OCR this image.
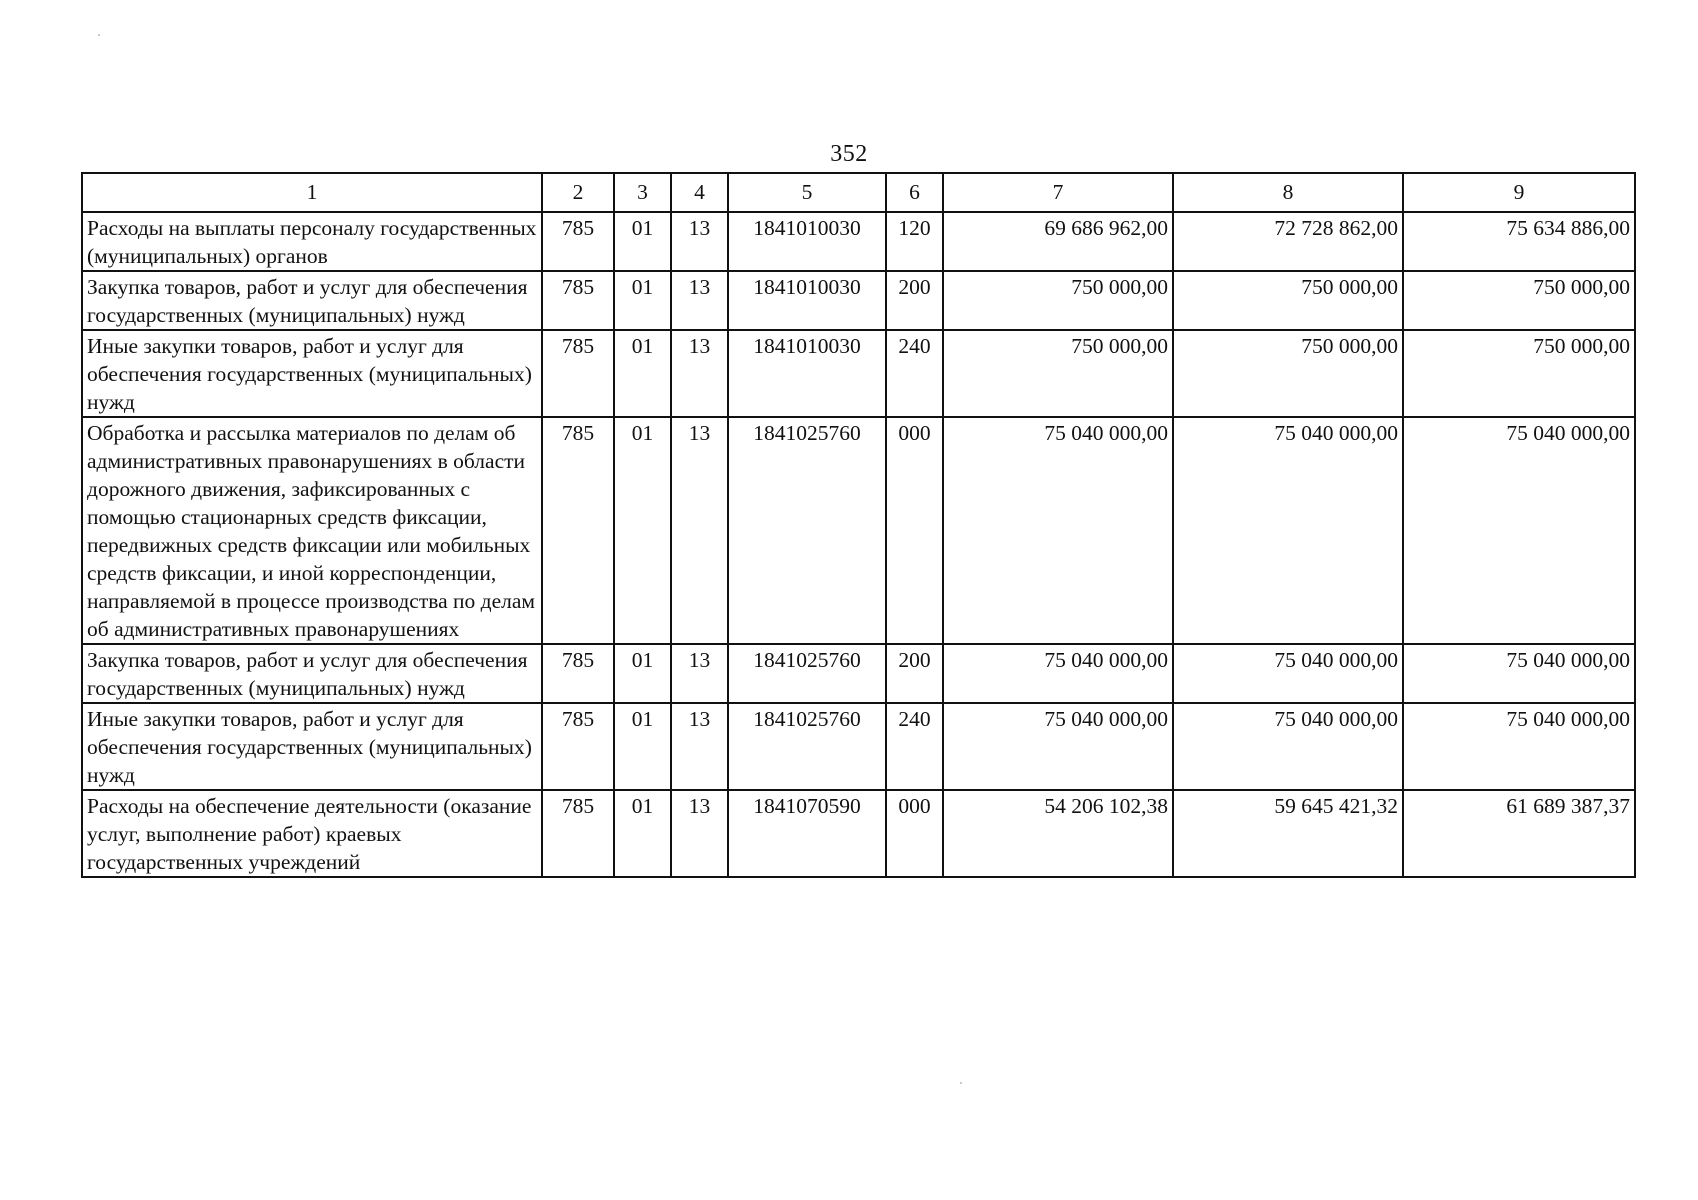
352
1	2	3	4	5	6	7	8	9
Расходы на выплаты персоналу государственных (муниципальных) органов	785	01	13	1841010030	120	69 686 962,00	72 728 862,00	75 634 886,00
Закупка товаров, работ и услуг для обеспечения государственных (муниципальных) нужд	785	01	13	1841010030	200	750 000,00	750 000,00	750 000,00
Иные закупки товаров, работ и услуг для обеспечения государственных (муниципальных) нужд	785	01	13	1841010030	240	750 000,00	750 000,00	750 000,00
Обработка и рассылка материалов по делам об административных правонарушениях в области дорожного движения, зафиксированных с помощью стационарных средств фиксации, передвижных средств фиксации или мобильных средств фиксации, и иной корреспонденции, направляемой в процессе производства по делам об административных правонарушениях	785	01	13	1841025760	000	75 040 000,00	75 040 000,00	75 040 000,00
Закупка товаров, работ и услуг для обеспечения государственных (муниципальных) нужд	785	01	13	1841025760	200	75 040 000,00	75 040 000,00	75 040 000,00
Иные закупки товаров, работ и услуг для обеспечения государственных (муниципальных) нужд	785	01	13	1841025760	240	75 040 000,00	75 040 000,00	75 040 000,00
Расходы на обеспечение деятельности (оказание услуг, выполнение работ) краевых государственных учреждений	785	01	13	1841070590	000	54 206 102,38	59 645 421,32	61 689 387,37
